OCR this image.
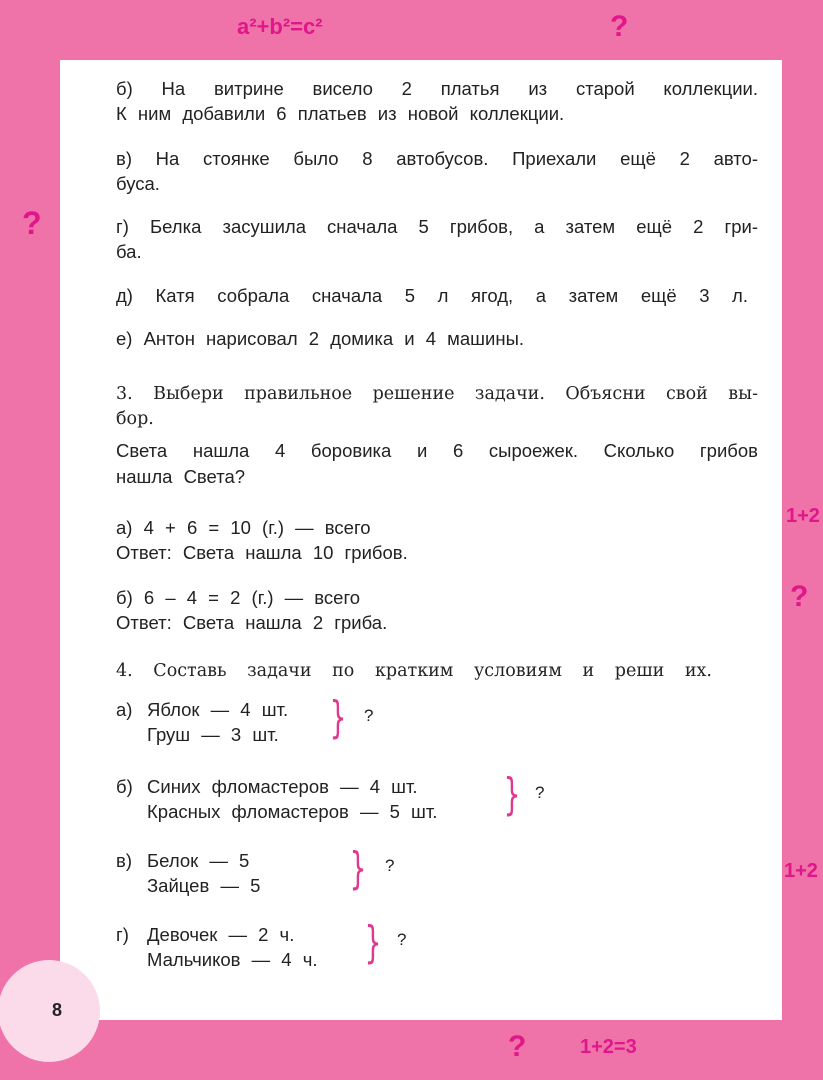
a²+b²=c²	?
?
1+2
?
1+2
1+2=3
?
б) На витрине висело 2 платья из старой коллекции.
К ним добавили 6 платьев из новой коллекции.
в) На стоянке было 8 автобусов. Приехали ещё 2 авто-
буса.
г) Белка засушила сначала 5 грибов, а затем ещё 2 гри-
ба.
д) Катя собрала сначала 5 л ягод, а затем ещё 3 л.
е) Антон нарисовал 2 домика и 4 машины.
3. Выбери правильное решение задачи. Объясни свой вы-
бор.
Света нашла 4 боровика и 6 сыроежек. Сколько грибов
нашла Света?
а) 4 + 6 = 10 (г.) — всего
Ответ: Света нашла 10 грибов.
б) 6 – 4 = 2 (г.) — всего
Ответ: Света нашла 2 гриба.
4. Составь задачи по кратким условиям и реши их.
а) Яблок — 4 шт.
Груш — 3 шт. } ?
б) Синих фломастеров — 4 шт.
Красных фломастеров — 5 шт. } ?
в) Белок — 5
Зайцев — 5 } ?
г) Девочек — 2 ч.
Мальчиков — 4 ч. } ?
8
